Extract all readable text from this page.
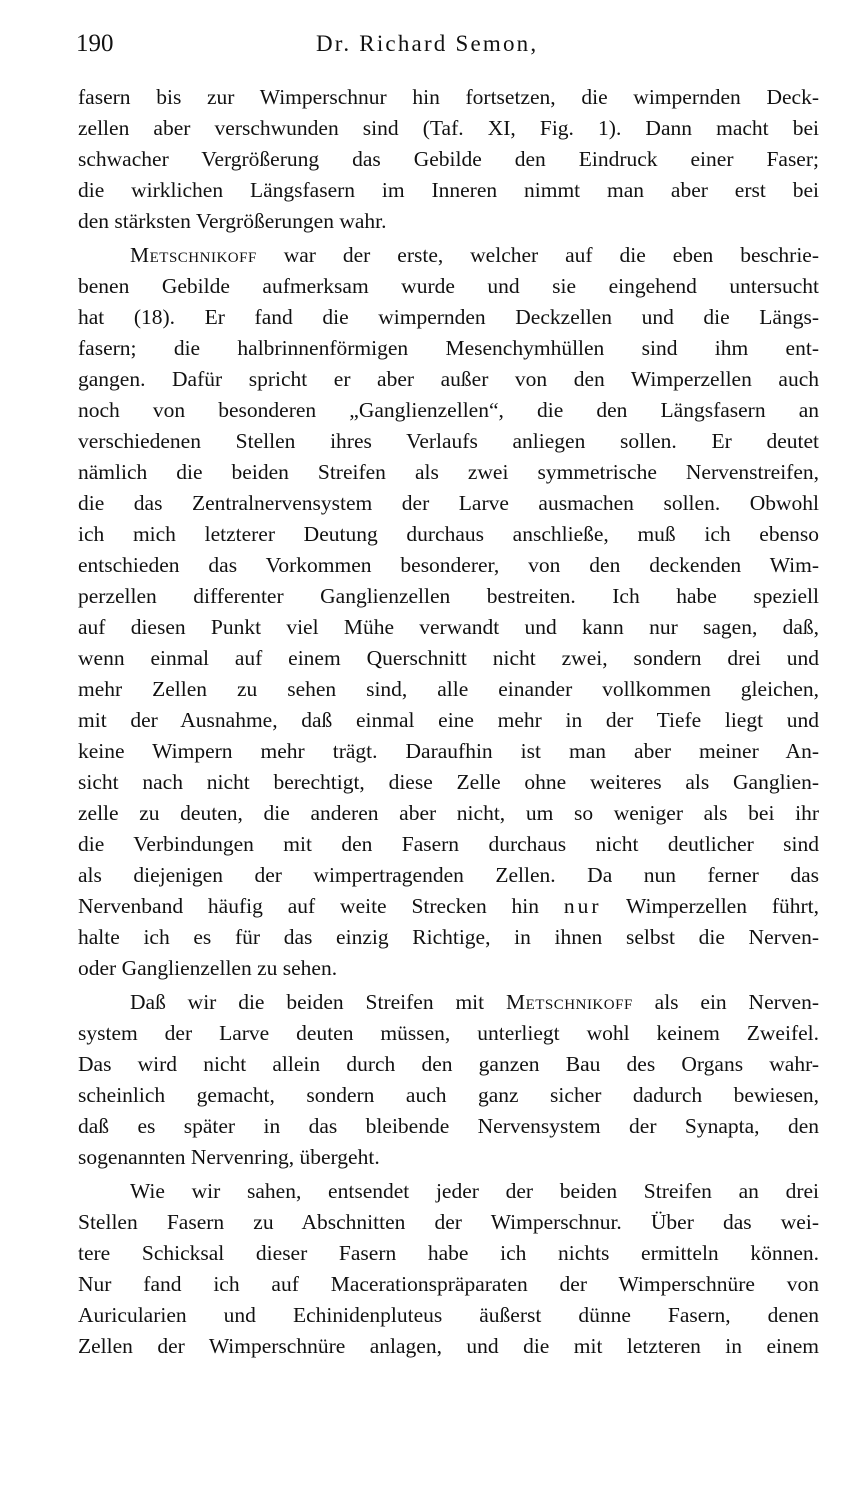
190	Dr. Richard Semon,
fasern bis zur Wimperschnur hin fortsetzen, die wimpernden Deck-
zellen aber verschwunden sind (Taf. XI, Fig. 1). Dann macht bei
schwacher Vergrößerung das Gebilde den Eindruck einer Faser;
die wirklichen Längsfasern im Inneren nimmt man aber erst bei
den stärksten Vergrößerungen wahr.
Metschnikoff war der erste, welcher auf die eben beschrie-
benen Gebilde aufmerksam wurde und sie eingehend untersucht
hat (18). Er fand die wimpernden Deckzellen und die Längs-
fasern; die halbrinnenförmigen Mesenchymhüllen sind ihm ent-
gangen. Dafür spricht er aber außer von den Wimperzellen auch
noch von besonderen „Ganglienzellen“, die den Längsfasern an
verschiedenen Stellen ihres Verlaufs anliegen sollen. Er deutet
nämlich die beiden Streifen als zwei symmetrische Nervenstreifen,
die das Zentralnervensystem der Larve ausmachen sollen. Obwohl
ich mich letzterer Deutung durchaus anschließe, muß ich ebenso
entschieden das Vorkommen besonderer, von den deckenden Wim-
perzellen differenter Ganglienzellen bestreiten. Ich habe speziell
auf diesen Punkt viel Mühe verwandt und kann nur sagen, daß,
wenn einmal auf einem Querschnitt nicht zwei, sondern drei und
mehr Zellen zu sehen sind, alle einander vollkommen gleichen,
mit der Ausnahme, daß einmal eine mehr in der Tiefe liegt und
keine Wimpern mehr trägt. Daraufhin ist man aber meiner An-
sicht nach nicht berechtigt, diese Zelle ohne weiteres als Ganglien-
zelle zu deuten, die anderen aber nicht, um so weniger als bei ihr
die Verbindungen mit den Fasern durchaus nicht deutlicher sind
als diejenigen der wimpertragenden Zellen. Da nun ferner das
Nervenband häufig auf weite Strecken hin nur Wimperzellen führt,
halte ich es für das einzig Richtige, in ihnen selbst die Nerven-
oder Ganglienzellen zu sehen.
Daß wir die beiden Streifen mit Metschnikoff als ein Nerven-
system der Larve deuten müssen, unterliegt wohl keinem Zweifel.
Das wird nicht allein durch den ganzen Bau des Organs wahr-
scheinlich gemacht, sondern auch ganz sicher dadurch bewiesen,
daß es später in das bleibende Nervensystem der Synapta, den
sogenannten Nervenring, übergeht.
Wie wir sahen, entsendet jeder der beiden Streifen an drei
Stellen Fasern zu Abschnitten der Wimperschnur. Über das wei-
tere Schicksal dieser Fasern habe ich nichts ermitteln können.
Nur fand ich auf Macerationspräparaten der Wimperschnüre von
Auricularien und Echinidenpluteus äußerst dünne Fasern, denen
Zellen der Wimperschnüre anlagen, und die mit letzteren in einem
